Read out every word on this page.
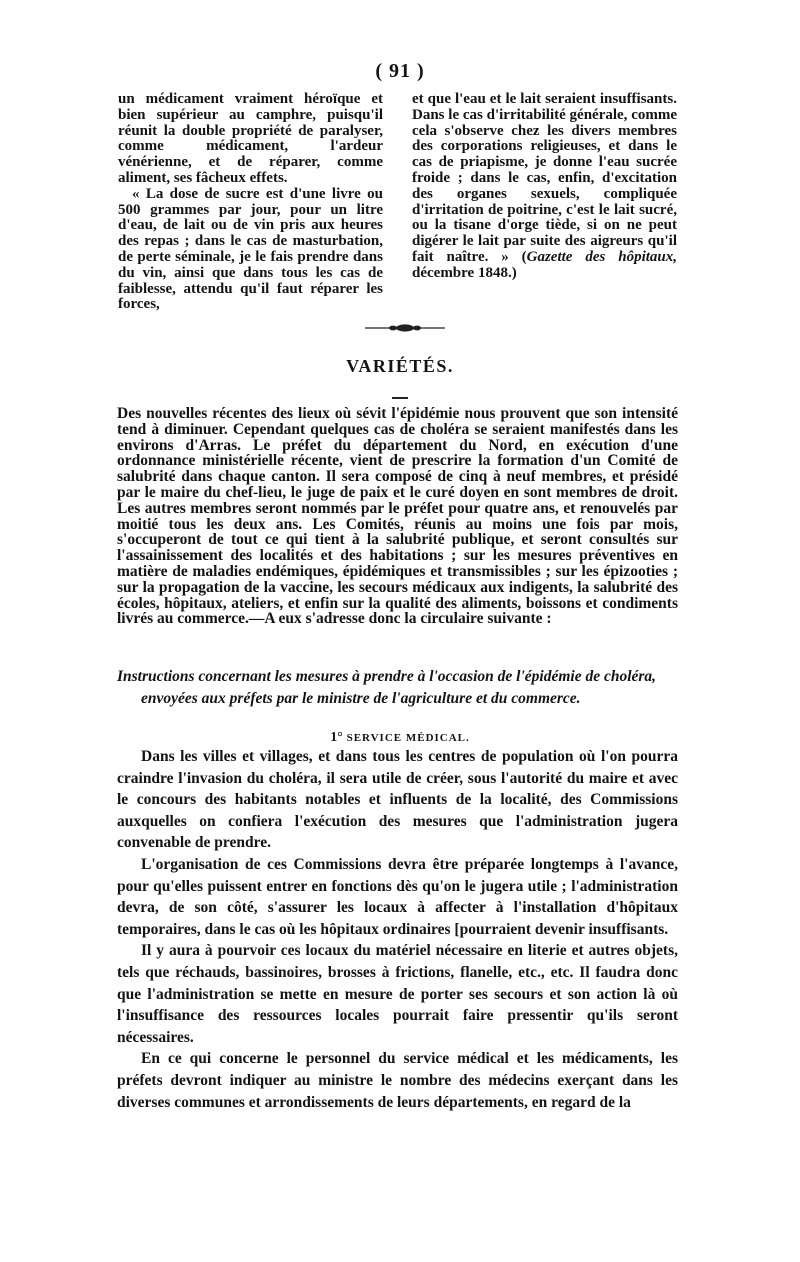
( 91 )

un médicament vraiment héroïque et bien supérieur au camphre, puisqu'il réunit la double propriété de paralyser, comme médicament, l'ardeur vénérienne, et de réparer, comme aliment, ses fâcheux effets.

« La dose de sucre est d'une livre ou 500 grammes par jour, pour un litre d'eau, de lait ou de vin pris aux heures des repas ; dans le cas de masturbation, de perte séminale, je le fais prendre dans du vin, ainsi que dans tous les cas de faiblesse, attendu qu'il faut réparer les forces,

et que l'eau et le lait seraient insuffisants. Dans le cas d'irritabilité générale, comme cela s'observe chez les divers membres des corporations religieuses, et dans le cas de priapisme, je donne l'eau sucrée froide ; dans le cas, enfin, d'excitation des organes sexuels, compliquée d'irritation de poitrine, c'est le lait sucré, ou la tisane d'orge tiède, si on ne peut digérer le lait par suite des aigreurs qu'il fait naître. » (Gazette des hôpitaux, décembre 1848.)

VARIÉTÉS.

Des nouvelles récentes des lieux où sévit l'épidémie nous prouvent que son intensité tend à diminuer. Cependant quelques cas de choléra se seraient manifestés dans les environs d'Arras. Le préfet du département du Nord, en exécution d'une ordonnance ministérielle récente, vient de prescrire la formation d'un Comité de salubrité dans chaque canton. Il sera composé de cinq à neuf membres, et présidé par le maire du chef-lieu, le juge de paix et le curé doyen en sont membres de droit. Les autres membres seront nommés par le préfet pour quatre ans, et renouvelés par moitié tous les deux ans. Les Comités, réunis au moins une fois par mois, s'occuperont de tout ce qui tient à la salubrité publique, et seront consultés sur l'assainissement des localités et des habitations ; sur les mesures préventives en matière de maladies endémiques, épidémiques et transmissibles ; sur les épizooties ; sur la propagation de la vaccine, les secours médicaux aux indigents, la salubrité des écoles, hôpitaux, ateliers, et enfin sur la qualité des aliments, boissons et condiments livrés au commerce.—A eux s'adresse donc la circulaire suivante :

Instructions concernant les mesures à prendre à l'occasion de l'épidémie de choléra, envoyées aux préfets par le ministre de l'agriculture et du commerce.
1° SERVICE MÉDICAL.

Dans les villes et villages, et dans tous les centres de population où l'on pourra craindre l'invasion du choléra, il sera utile de créer, sous l'autorité du maire et avec le concours des habitants notables et influents de la localité, des Commissions auxquelles on confiera l'exécution des mesures que l'administration jugera convenable de prendre.

L'organisation de ces Commissions devra être préparée longtemps à l'avance, pour qu'elles puissent entrer en fonctions dès qu'on le jugera utile ; l'administration devra, de son côté, s'assurer les locaux à affecter à l'installation d'hôpitaux temporaires, dans le cas où les hôpitaux ordinaires [pourraient devenir insuffisants.

Il y aura à pourvoir ces locaux du matériel nécessaire en literie et autres objets, tels que réchauds, bassinoires, brosses à frictions, flanelle, etc., etc. Il faudra donc que l'administration se mette en mesure de porter ses secours et son action là où l'insuffisance des ressources locales pourrait faire pressentir qu'ils seront nécessaires.

En ce qui concerne le personnel du service médical et les médicaments, les préfets devront indiquer au ministre le nombre des médecins exerçant dans les diverses communes et arrondissements de leurs départements, en regard de la
